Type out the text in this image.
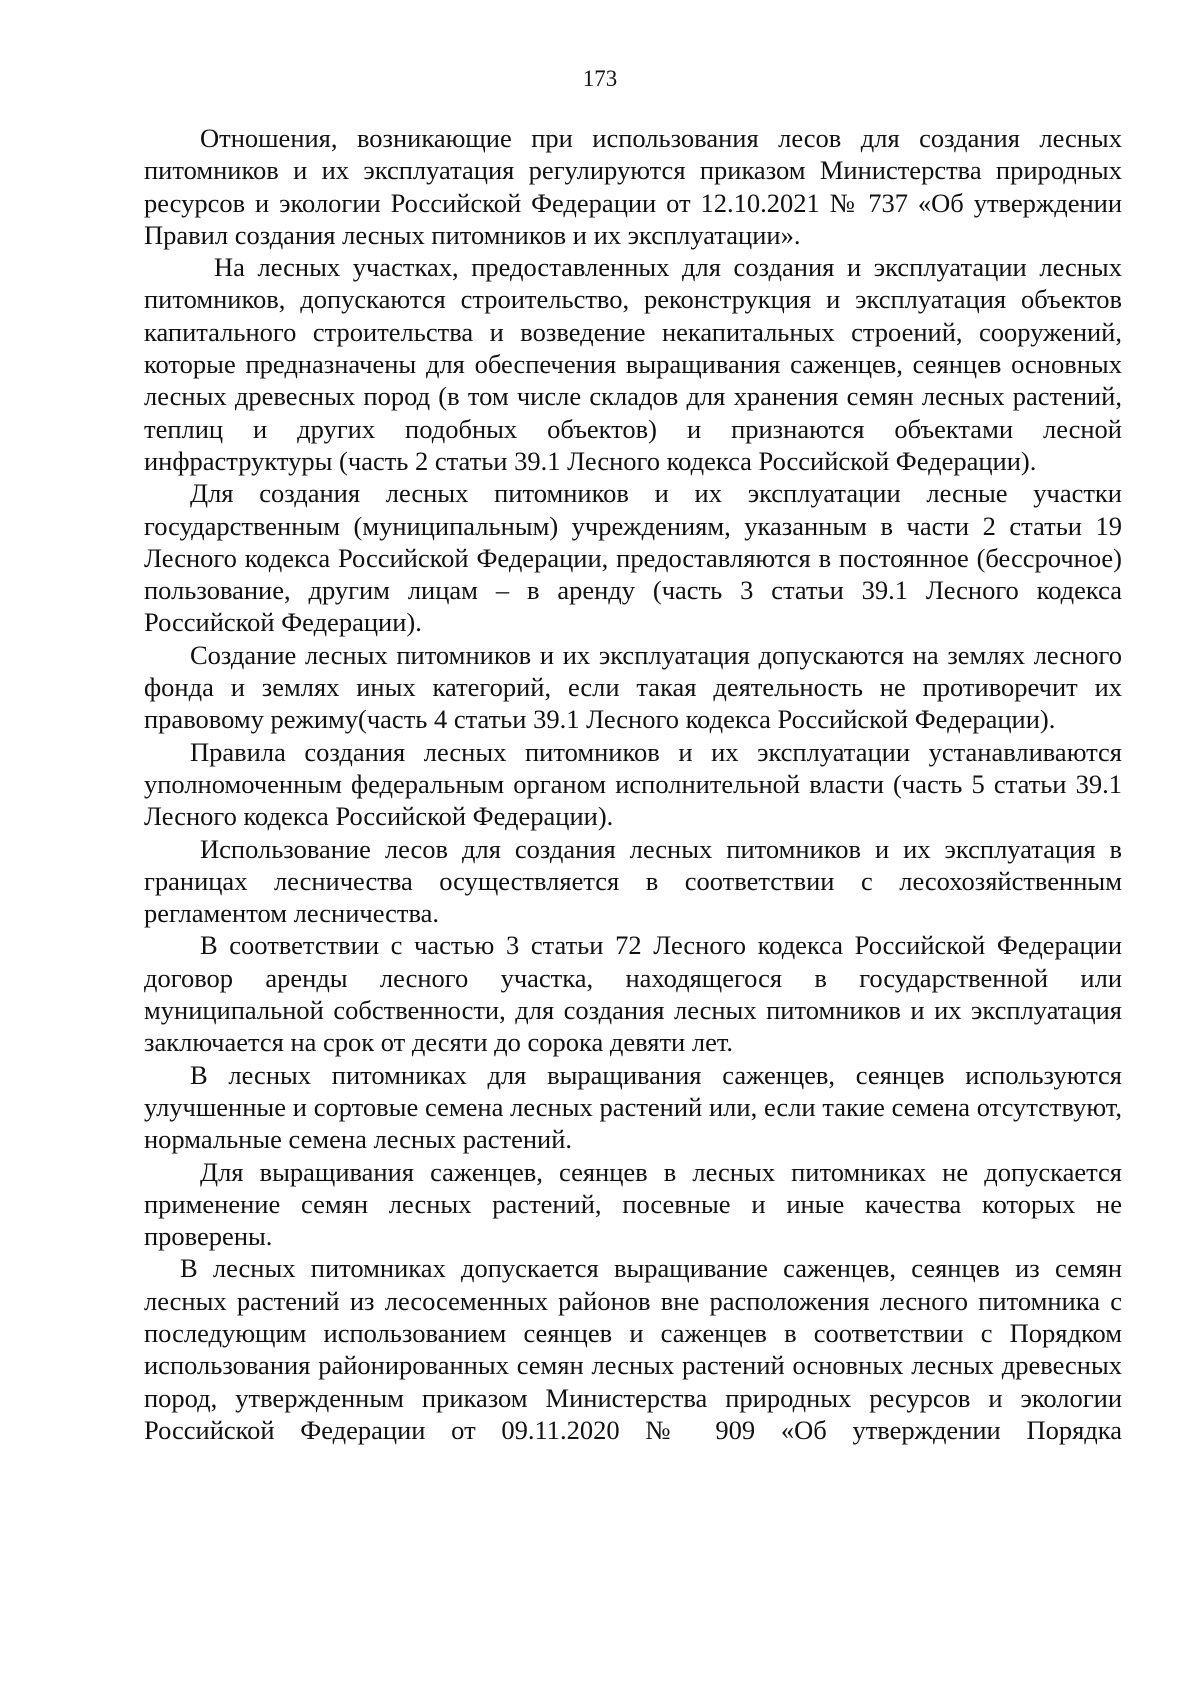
173

Отношения, возникающие при использования лесов для создания лесных питомников и их эксплуатация регулируются приказом Министерства природных ресурсов и экологии Российской Федерации от 12.10.2021 № 737 «Об утверждении Правил создания лесных питомников и их эксплуатации».

На лесных участках, предоставленных для создания и эксплуатации лесных питомников, допускаются строительство, реконструкция и эксплуатация объектов капитального строительства и возведение некапитальных строений, сооружений, которые предназначены для обеспечения выращивания саженцев, сеянцев основных лесных древесных пород (в том числе складов для хранения семян лесных растений, теплиц и других подобных объектов) и признаются объектами лесной инфраструктуры (часть 2 статьи 39.1 Лесного кодекса Российской Федерации).

Для создания лесных питомников и их эксплуатации лесные участки государственным (муниципальным) учреждениям, указанным в части 2 статьи 19 Лесного кодекса Российской Федерации, предоставляются в постоянное (бессрочное) пользование, другим лицам – в аренду (часть 3 статьи 39.1 Лесного кодекса Российской Федерации).

Создание лесных питомников и их эксплуатация допускаются на землях лесного фонда и землях иных категорий, если такая деятельность не противоречит их правовому режиму(часть 4 статьи 39.1 Лесного кодекса Российской Федерации).

Правила создания лесных питомников и их эксплуатации устанавливаются уполномоченным федеральным органом исполнительной власти (часть 5 статьи 39.1 Лесного кодекса Российской Федерации).

Использование лесов для создания лесных питомников и их эксплуатация в границах лесничества осуществляется в соответствии с лесохозяйственным регламентом лесничества.

В соответствии с частью 3 статьи 72 Лесного кодекса Российской Федерации договор аренды лесного участка, находящегося в государственной или муниципальной собственности, для создания лесных питомников и их эксплуатация заключается на срок от десяти до сорока девяти лет.

В лесных питомниках для выращивания саженцев, сеянцев используются улучшенные и сортовые семена лесных растений или, если такие семена отсутствуют, нормальные семена лесных растений.

Для выращивания саженцев, сеянцев в лесных питомниках не допускается применение семян лесных растений, посевные и иные качества которых не проверены.

В лесных питомниках допускается выращивание саженцев, сеянцев из семян лесных растений из лесосеменных районов вне расположения лесного питомника с последующим использованием сеянцев и саженцев в соответствии с Порядком использования районированных семян лесных растений основных лесных древесных пород, утвержденным приказом Министерства природных ресурсов и экологии Российской Федерации от 09.11.2020 № 909 «Об утверждении Порядка
